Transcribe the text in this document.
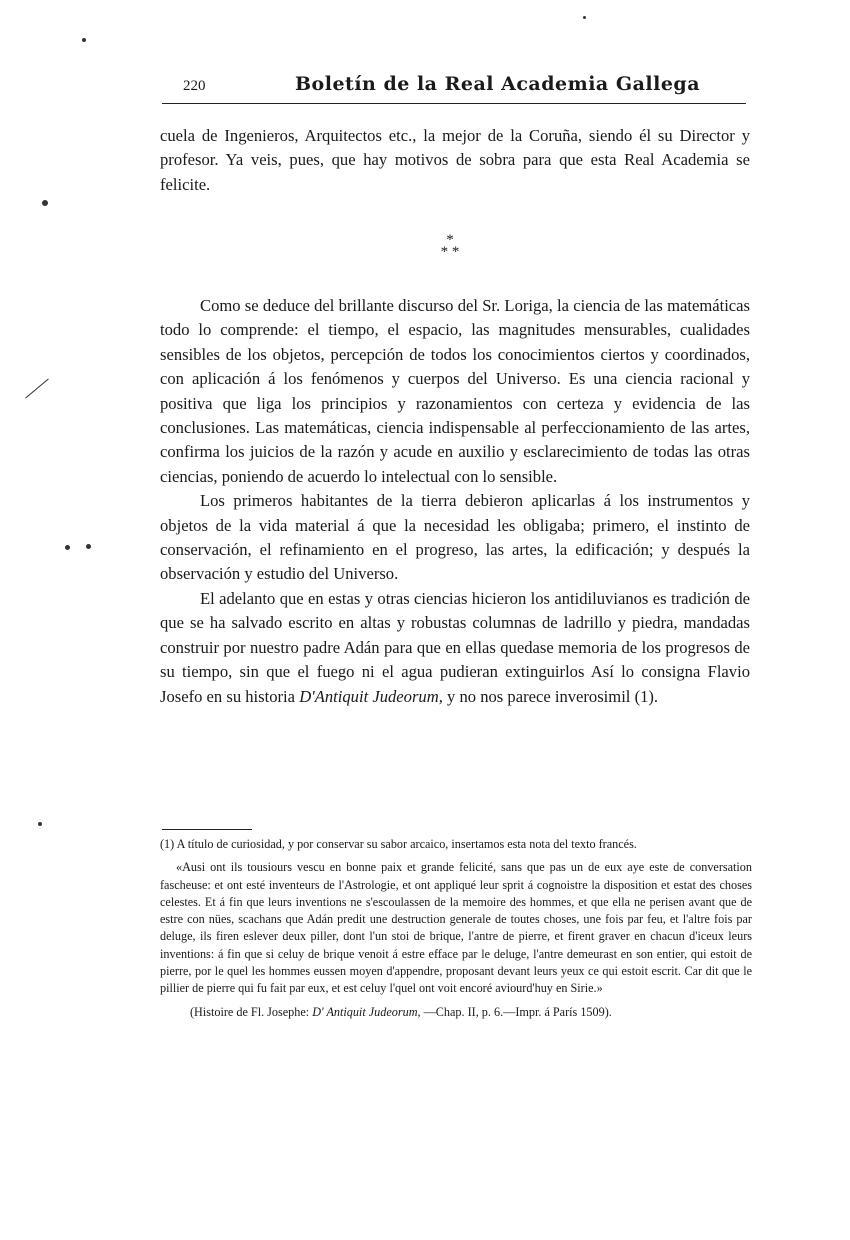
220	Boletín de la Real Academia Gallega

cuela de Ingenieros, Arquitectos etc., la mejor de la Coruña, siendo él su Director y profesor. Ya veis, pues, que hay motivos de sobra para que esta Real Academia se felicite.

*
* *

Como se deduce del brillante discurso del Sr. Loriga, la ciencia de las matemáticas todo lo comprende: el tiempo, el espacio, las magnitudes mensurables, cualidades sensibles de los objetos, percepción de todos los conocimientos ciertos y coordinados, con aplicación á los fenómenos y cuerpos del Universo. Es una ciencia racional y positiva que liga los principios y razonamientos con certeza y evidencia de las conclusiones. Las matemáticas, ciencia indispensable al perfeccionamiento de las artes, confirma los juicios de la razón y acude en auxilio y esclarecimiento de todas las otras ciencias, poniendo de acuerdo lo intelectual con lo sensible.

Los primeros habitantes de la tierra debieron aplicarlas á los instrumentos y objetos de la vida material á que la necesidad les obligaba; primero, el instinto de conservación, el refinamiento en el progreso, las artes, la edificación; y después la observación y estudio del Universo.

El adelanto que en estas y otras ciencias hicieron los antidiluvianos es tradición de que se ha salvado escrito en altas y robustas columnas de ladrillo y piedra, mandadas construir por nuestro padre Adán para que en ellas quedase memoria de los progresos de su tiempo, sin que el fuego ni el agua pudieran extinguirlos Así lo consigna Flavio Josefo en su historia D'Antiquit Judeorum, y no nos parece inverosimil (1).

(1) A título de curiosidad, y por conservar su sabor arcaico, insertamos esta nota del texto francés.

«Ausi ont ils tousiours vescu en bonne paix et grande felicité, sans que pas un de eux aye este de conversation fascheuse: et ont esté inventeurs de l'Astrologie, et ont appliqué leur sprit á cognoistre la disposition et estat des choses celestes. Et á fin que leurs inventions ne s'escoulassen de la memoire des hommes, et que ella ne perisen avant que de estre con nües, scachans que Adán predit une destruction generale de toutes choses, une fois par feu, et l'altre fois par deluge, ils firen eslever deux piller, dont l'un stoi de brique, l'antre de pierre, et firent graver en chacun d'iceux leurs inventions: á fin que si celuy de brique venoit á estre efface par le deluge, l'antre demeurast en son entier, qui estoit de pierre, por le quel les hommes eussen moyen d'appendre, proposant devant leurs yeux ce qui estoit escrit. Car dit que le pillier de pierre qui fu fait par eux, et est celuy l'quel ont voit encoré aviourd'huy en Sirie.»

(Histoire de Fl. Josephe: D' Antiquit Judeorum, —Chap. II, p. 6.—Impr. á París 1509).
